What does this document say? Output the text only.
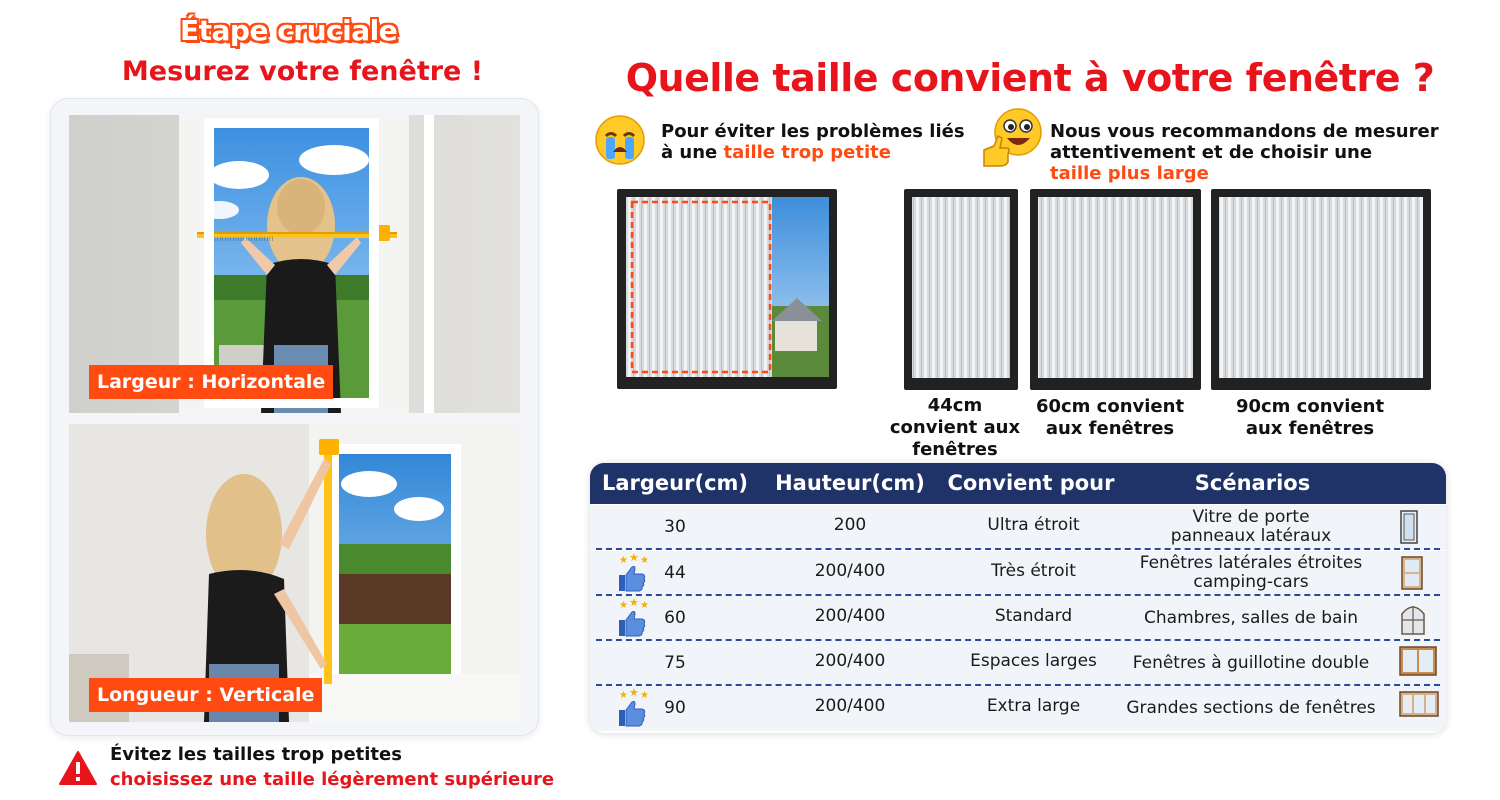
Étape cruciale
Mesurez votre fenêtre !
| | | | | | | | | | | | | | | | | | | | | | | | |
Largeur : Horizontale
Longueur : Verticale
Évitez les tailles trop petites
choisissez une taille légèrement supérieure
Quelle taille convient à votre fenêtre ?
Pour éviter les problèmes liés
à une taille trop petite
Nous vous recommandons de mesurer
attentivement et de choisir une
taille plus large
44cm
convient aux
fenêtres
60cm convient
aux fenêtres
90cm convient
aux fenêtres
Largeur(cm)	Hauteur(cm)	Convient pour	Scénarios
30	200	Ultra étroit	Vitre de porte
panneaux latéraux
★ ★ ★
44	200/400	Très étroit	Fenêtres latérales étroites
camping-cars
★ ★ ★
60	200/400	Standard	Chambres, salles de bain
75	200/400	Espaces larges	Fenêtres à guillotine double
★ ★ ★
90	200/400	Extra large	Grandes sections de fenêtres
